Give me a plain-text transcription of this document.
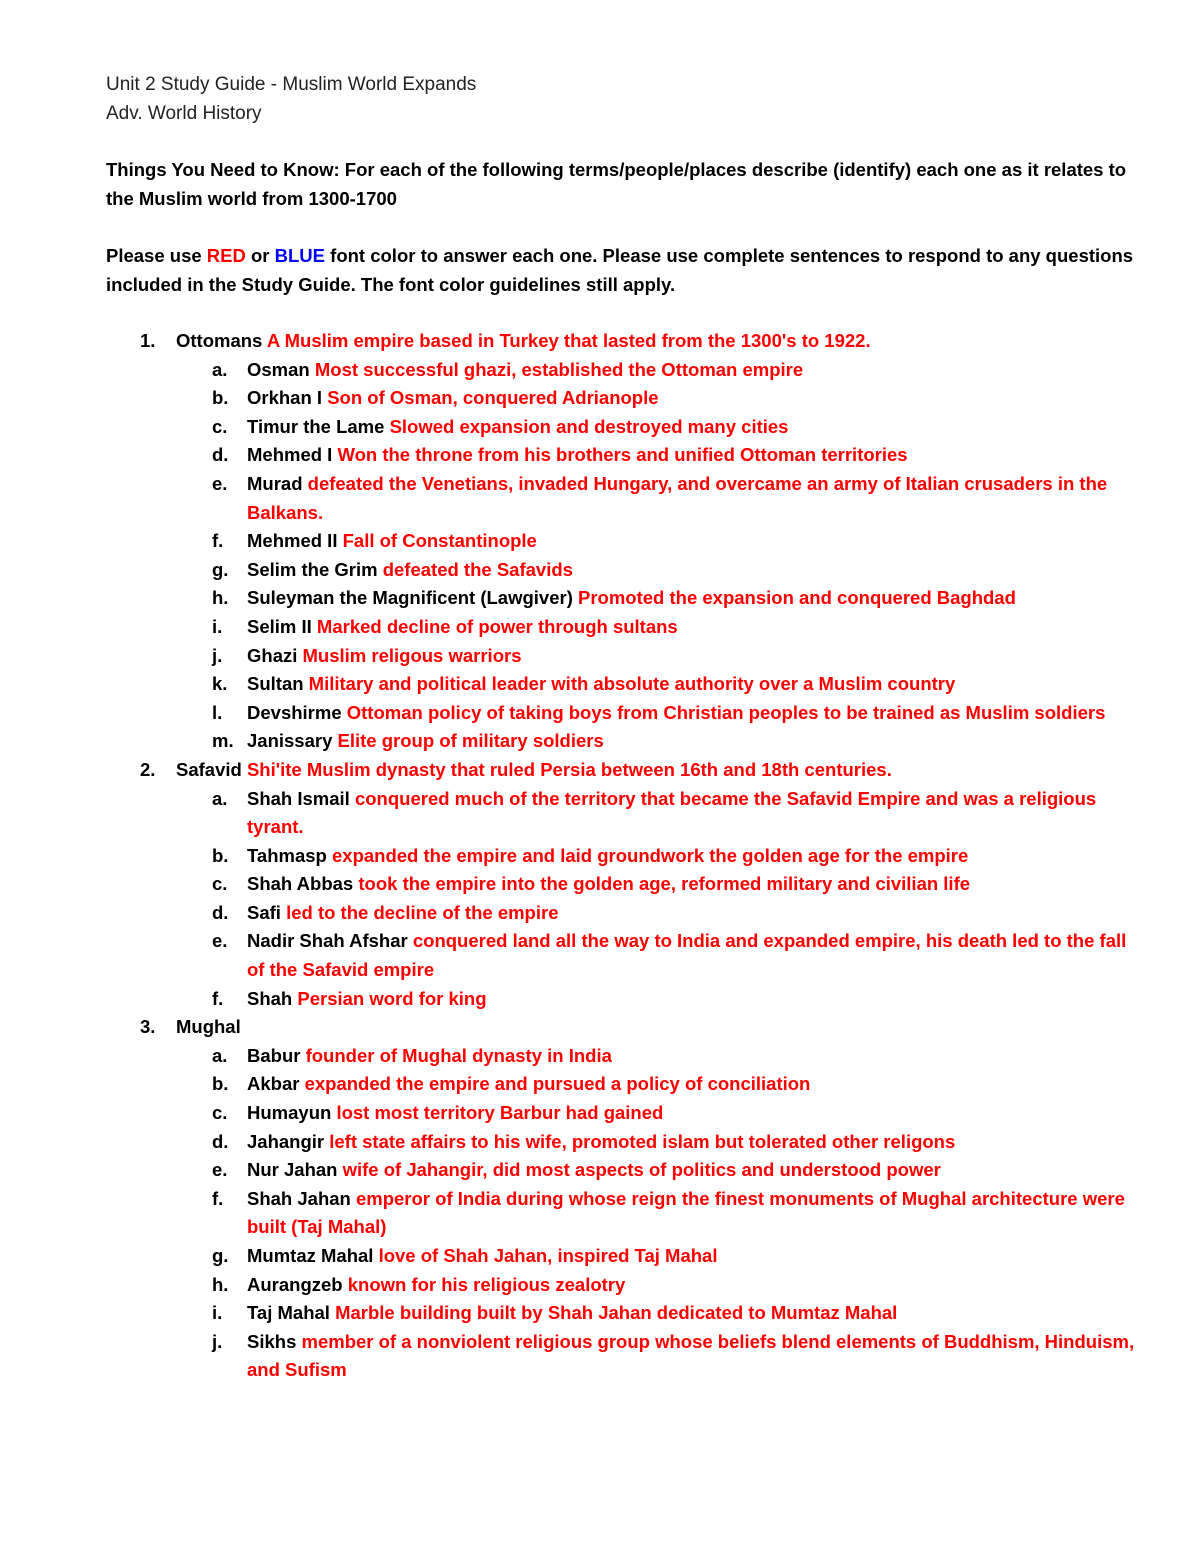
Unit 2 Study Guide - Muslim World Expands
Adv. World History
Things You Need to Know: For each of the following terms/people/places describe (identify) each one as it relates to the Muslim world from 1300-1700
Please use RED or BLUE font color to answer each one. Please use complete sentences to respond to any questions included in the Study Guide. The font color guidelines still apply.
1. Ottomans A Muslim empire based in Turkey that lasted from the 1300's to 1922.
a. Osman Most successful ghazi, established the Ottoman empire
b. Orkhan I Son of Osman, conquered Adrianople
c. Timur the Lame Slowed expansion and destroyed many cities
d. Mehmed I Won the throne from his brothers and unified Ottoman territories
e. Murad defeated the Venetians, invaded Hungary, and overcame an army of Italian crusaders in the Balkans.
f. Mehmed II Fall of Constantinople
g. Selim the Grim defeated the Safavids
h. Suleyman the Magnificent (Lawgiver) Promoted the expansion and conquered Baghdad
i. Selim II Marked decline of power through sultans
j. Ghazi Muslim religous warriors
k. Sultan Military and political leader with absolute authority over a Muslim country
l. Devshirme Ottoman policy of taking boys from Christian peoples to be trained as Muslim soldiers
m. Janissary Elite group of military soldiers
2. Safavid Shi'ite Muslim dynasty that ruled Persia between 16th and 18th centuries.
a. Shah Ismail conquered much of the territory that became the Safavid Empire and was a religious tyrant.
b. Tahmasp expanded the empire and laid groundwork the golden age for the empire
c. Shah Abbas took the empire into the golden age, reformed military and civilian life
d. Safi led to the decline of the empire
e. Nadir Shah Afshar conquered land all the way to India and expanded empire, his death led to the fall of the Safavid empire
f. Shah Persian word for king
3. Mughal
a. Babur founder of Mughal dynasty in India
b. Akbar expanded the empire and pursued a policy of conciliation
c. Humayun lost most territory Barbur had gained
d. Jahangir left state affairs to his wife, promoted islam but tolerated other religons
e. Nur Jahan wife of Jahangir, did most aspects of politics and understood power
f. Shah Jahan emperor of India during whose reign the finest monuments of Mughal architecture were built (Taj Mahal)
g. Mumtaz Mahal love of Shah Jahan, inspired Taj Mahal
h. Aurangzeb known for his religious zealotry
i. Taj Mahal Marble building built by Shah Jahan dedicated to Mumtaz Mahal
j. Sikhs member of a nonviolent religious group whose beliefs blend elements of Buddhism, Hinduism, and Sufism
